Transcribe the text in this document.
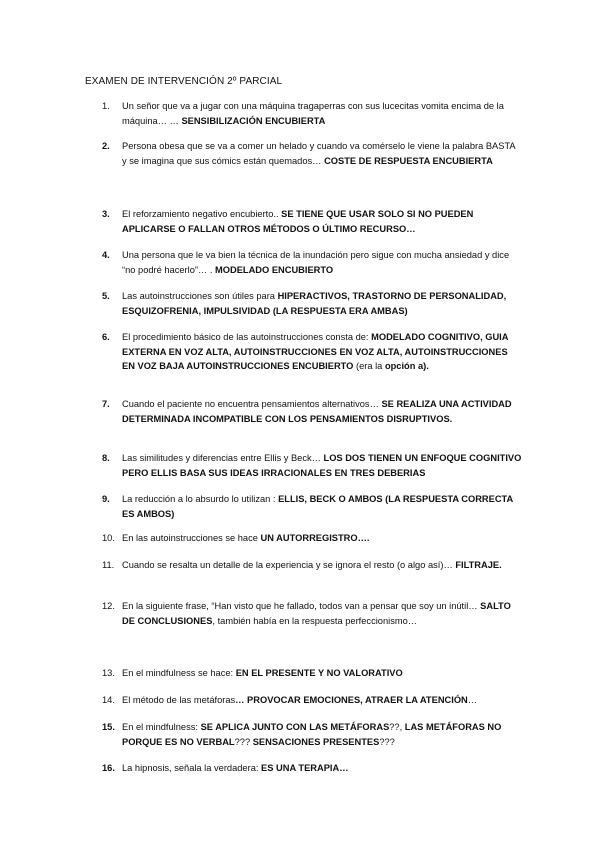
EXAMEN DE INTERVENCIÓN 2º PARCIAL
1.	Un señor que va a jugar con una máquina tragaperras con sus lucecitas vomita encima de la máquina… … SENSIBILIZACIÓN ENCUBIERTA
2.	Persona obesa que se va a comer un helado y cuando va comérselo le viene la palabra BASTA y se imagina que sus cómics están quemados… COSTE DE RESPUESTA ENCUBIERTA
3.	El reforzamiento negativo encubierto.. SE TIENE QUE USAR SOLO SI NO PUEDEN APLICARSE O FALLAN OTROS MÉTODOS O ÚLTIMO RECURSO…
4.	Una persona que le va bien la técnica de la inundación pero sigue con mucha ansiedad y dice “no podré hacerlo”… . MODELADO ENCUBIERTO
5.	Las autoinstrucciones son útiles para HIPERACTIVOS, TRASTORNO DE PERSONALIDAD, ESQUIZOFRENIA, IMPULSIVIDAD (LA RESPUESTA ERA AMBAS)
6.	El procedimiento básico de las autoinstrucciones consta de: MODELADO COGNITIVO, GUIA EXTERNA EN VOZ ALTA, AUTOINSTRUCCIONES EN VOZ ALTA, AUTOINSTRUCCIONES EN VOZ BAJA AUTOINSTRUCCIONES ENCUBIERTO (era la opción a).
7.	Cuando el paciente no encuentra pensamientos alternativos… SE REALIZA UNA ACTIVIDAD DETERMINADA INCOMPATIBLE CON LOS PENSAMIENTOS DISRUPTIVOS.
8.	Las similitudes y diferencias entre Ellis y Beck… LOS DOS TIENEN UN ENFOQUE COGNITIVO PERO ELLIS BASA SUS IDEAS IRRACIONALES EN TRES DEBERIAS
9.	La reducción a lo absurdo lo utilizan : ELLIS, BECK O AMBOS (LA RESPUESTA CORRECTA ES AMBOS)
10. En las autoinstrucciones se hace UN AUTORREGISTRO….
11. Cuando se resalta un detalle de la experiencia y se ignora el resto (o algo así)… FILTRAJE.
12. En la siguiente frase, “Han visto que he fallado, todos van a pensar que soy un inútil… SALTO DE CONCLUSIONES, también había en la respuesta perfeccionismo…
13. En el mindfulness se hace: EN EL PRESENTE Y NO VALORATIVO
14. El método de las metáforas… PROVOCAR EMOCIONES, ATRAER LA ATENCIÓN…
15. En el mindfulness: SE APLICA JUNTO CON LAS METÁFORAS??, LAS METÁFORAS NO PORQUE ES NO VERBAL??? SENSACIONES PRESENTES???
16. La hipnosis, señala la verdadera: ES UNA TERAPIA…
